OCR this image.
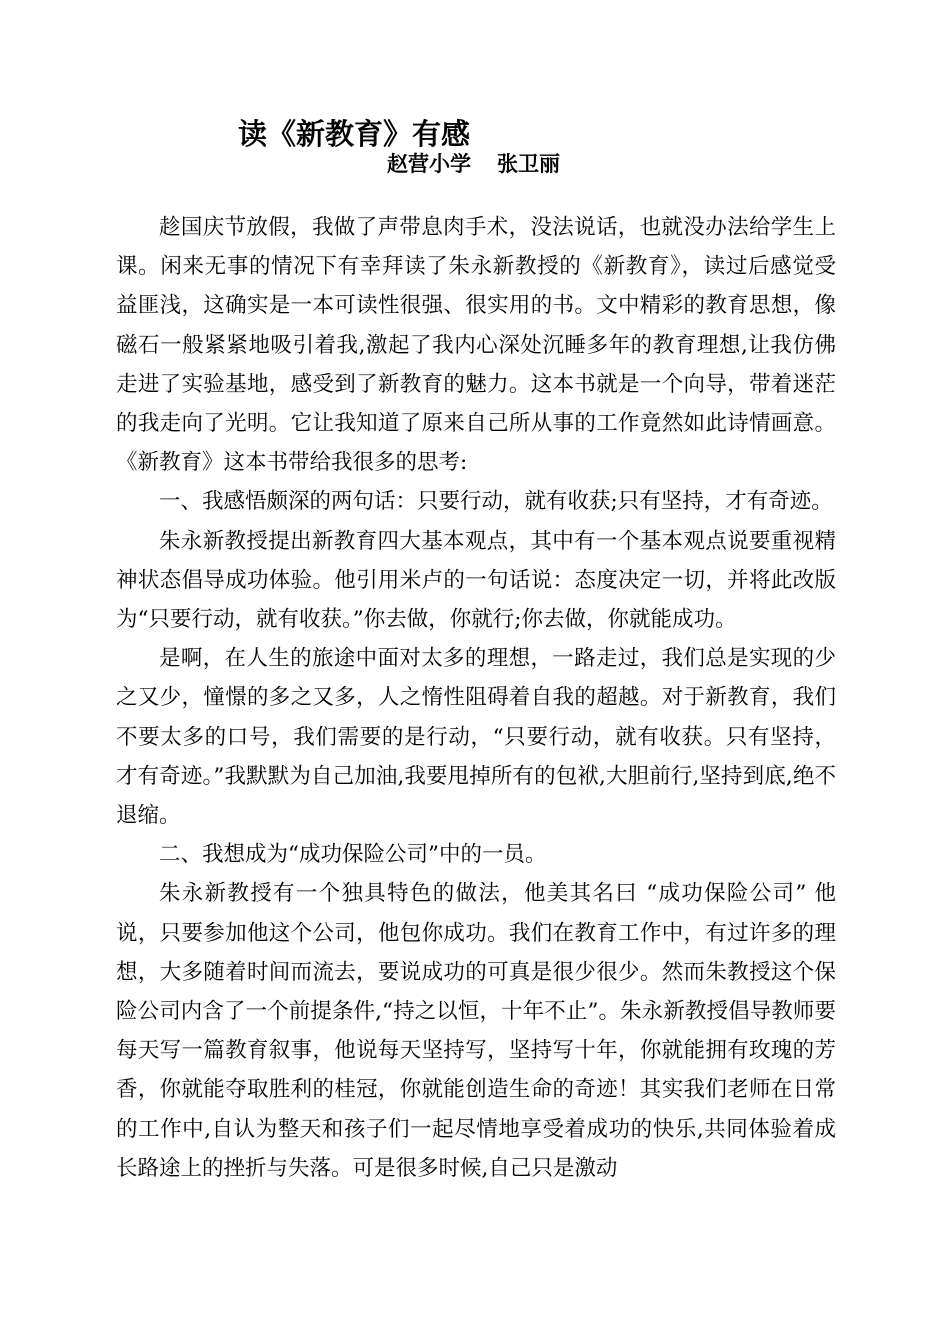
读《新教育》有感
赵营小学 张卫丽

趁国庆节放假，我做了声带息肉手术，没法说话，也就没办法给学生上课。闲来无事的情况下有幸拜读了朱永新教授的《新教育》，读过后感觉受益匪浅，这确实是一本可读性很强、很实用的书。文中精彩的教育思想，像磁石一般紧紧地吸引着我,激起了我内心深处沉睡多年的教育理想,让我仿佛走进了实验基地，感受到了新教育的魅力。这本书就是一个向导，带着迷茫的我走向了光明。它让我知道了原来自己所从事的工作竟然如此诗情画意。《新教育》这本书带给我很多的思考:

一、我感悟颇深的两句话：只要行动，就有收获;只有坚持，才有奇迹。

朱永新教授提出新教育四大基本观点，其中有一个基本观点说要重视精神状态倡导成功体验。他引用米卢的一句话说：态度决定一切，并将此改版为“只要行动，就有收获。”你去做，你就行;你去做，你就能成功。

是啊，在人生的旅途中面对太多的理想，一路走过，我们总是实现的少之又少，憧憬的多之又多，人之惰性阻碍着自我的超越。对于新教育，我们不要太多的口号，我们需要的是行动，“只要行动，就有收获。只有坚持，才有奇迹。”我默默为自己加油,我要甩掉所有的包袱,大胆前行,坚持到底,绝不退缩。

二、我想成为“成功保险公司”中的一员。

朱永新教授有一个独具特色的做法，他美其名曰 “成功保险公司” 他说，只要参加他这个公司，他包你成功。我们在教育工作中，有过许多的理想，大多随着时间而流去，要说成功的可真是很少很少。然而朱教授这个保险公司内含了一个前提条件,“持之以恒，十年不止”。朱永新教授倡导教师要每天写一篇教育叙事，他说每天坚持写，坚持写十年，你就能拥有玫瑰的芳香，你就能夺取胜利的桂冠，你就能创造生命的奇迹！其实我们老师在日常的工作中,自认为整天和孩子们一起尽情地享受着成功的快乐,共同体验着成长路途上的挫折与失落。可是很多时候,自己只是激动
